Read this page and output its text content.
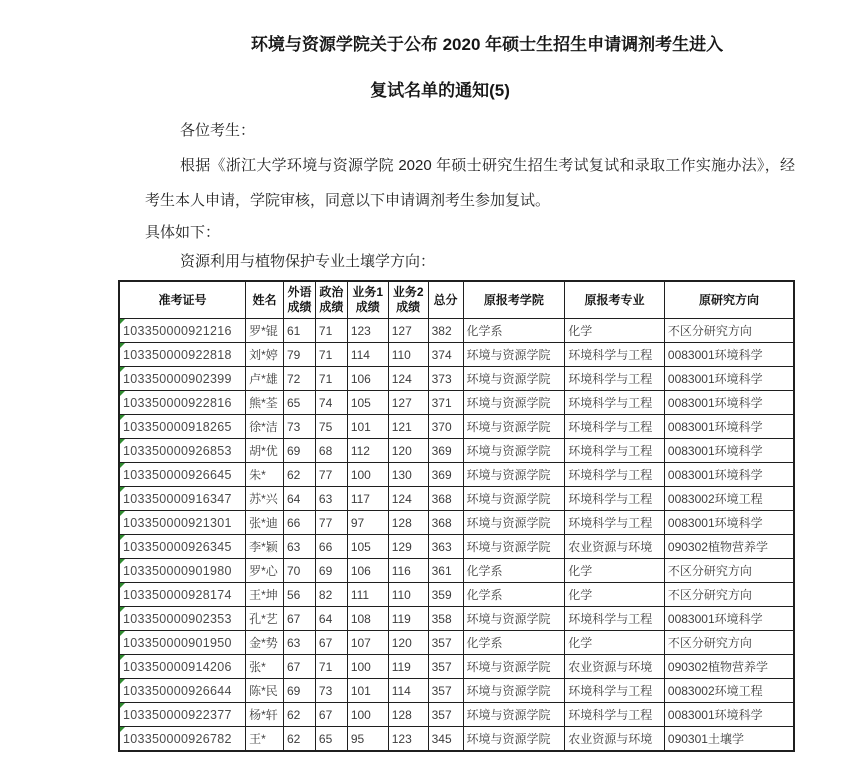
环境与资源学院关于公布 2020 年硕士生招生申请调剂考生进入
复试名单的通知(5)

各位考生：

根据《浙江大学环境与资源学院 2020 年硕士研究生招生考试复试和录取工作实施办法》，经考生本人申请，学院审核，同意以下申请调剂考生参加复试。

具体如下：

资源利用与植物保护专业土壤学方向：

准考证号	姓名	外语成绩	政治成绩	业务1成绩	业务2成绩	总分	原报考学院	原报考专业	原研究方向

103350000921216	罗*锟	61	71	123	127	382	化学系	化学	不区分研究方向

103350000922818	刘*婷	79	71	114	110	374	环境与资源学院	环境科学与工程	0083001环境科学

103350000902399	卢*雄	72	71	106	124	373	环境与资源学院	环境科学与工程	0083001环境科学

103350000922816	熊*荃	65	74	105	127	371	环境与资源学院	环境科学与工程	0083001环境科学

103350000918265	徐*洁	73	75	101	121	370	环境与资源学院	环境科学与工程	0083001环境科学

103350000926853	胡*优	69	68	112	120	369	环境与资源学院	环境科学与工程	0083001环境科学

103350000926645	朱*	62	77	100	130	369	环境与资源学院	环境科学与工程	0083001环境科学

103350000916347	苏*兴	64	63	117	124	368	环境与资源学院	环境科学与工程	0083002环境工程

103350000921301	张*迪	66	77	97	128	368	环境与资源学院	环境科学与工程	0083001环境科学

103350000926345	李*颖	63	66	105	129	363	环境与资源学院	农业资源与环境	090302植物营养学

103350000901980	罗*心	70	69	106	116	361	化学系	化学	不区分研究方向

103350000928174	王*坤	56	82	111	110	359	化学系	化学	不区分研究方向

103350000902353	孔*艺	67	64	108	119	358	环境与资源学院	环境科学与工程	0083001环境科学

103350000901950	金*势	63	67	107	120	357	化学系	化学	不区分研究方向

103350000914206	张*	67	71	100	119	357	环境与资源学院	农业资源与环境	090302植物营养学

103350000926644	陈*民	69	73	101	114	357	环境与资源学院	环境科学与工程	0083002环境工程

103350000922377	杨*轩	62	67	100	128	357	环境与资源学院	环境科学与工程	0083001环境科学

103350000926782	王*	62	65	95	123	345	环境与资源学院	农业资源与环境	090301土壤学
